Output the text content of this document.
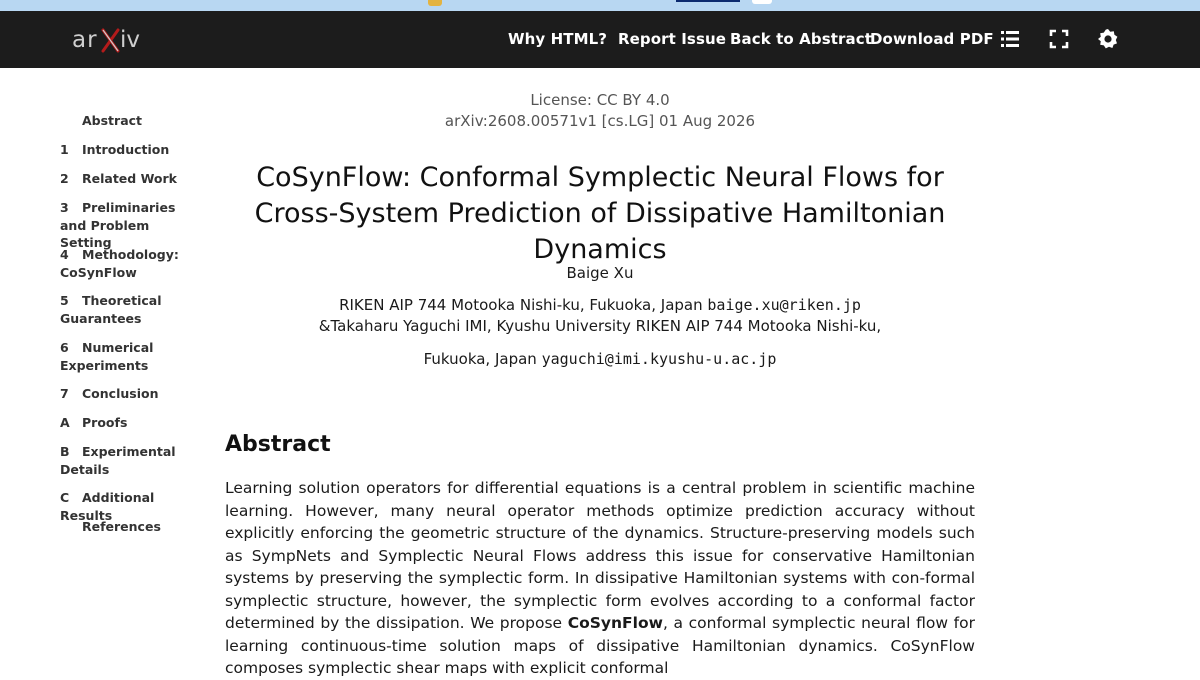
ar iv	Why HTML? Report Issue Back to Abstract
Download PDF
Abstract
1 Introduction
2 Related Work
3 Preliminaries and Problem Setting
4 Methodology: CoSynFlow
5 Theoretical Guarantees
6 Numerical Experiments
7 Conclusion
A Proofs
B Experimental Details
C Additional Results
References
License: CC BY 4.0
arXiv:2608.00571v1 [cs.LG] 01 Aug 2026
CoSynFlow: Conformal Symplectic Neural Flows for Cross-System Prediction of Dissipative Hamiltonian Dynamics
Baige Xu
RIKEN AIP 744 Motooka Nishi-ku, Fukuoka, Japan baige.xu@riken.jp
&Takaharu Yaguchi IMI, Kyushu University RIKEN AIP 744 Motooka Nishi-ku,
Fukuoka, Japan yaguchi@imi.kyushu-u.ac.jp
Abstract

Learning solution operators for differential equations is a central problem in scientific machine learning. However, many neural operator methods optimize prediction accuracy without explicitly enforcing the geometric structure of the dynamics. Structure-preserving models such as SympNets and Symplectic Neural Flows address this issue for conservative Hamiltonian systems by preserving the symplectic form. In dissipative Hamiltonian systems with con-formal symplectic structure, however, the symplectic form evolves according to a conformal factor determined by the dissipation. We propose CoSynFlow, a conformal symplectic neural flow for learning continuous-time solution maps of dissipative Hamiltonian dynamics. CoSynFlow composes symplectic shear maps with explicit conformal
